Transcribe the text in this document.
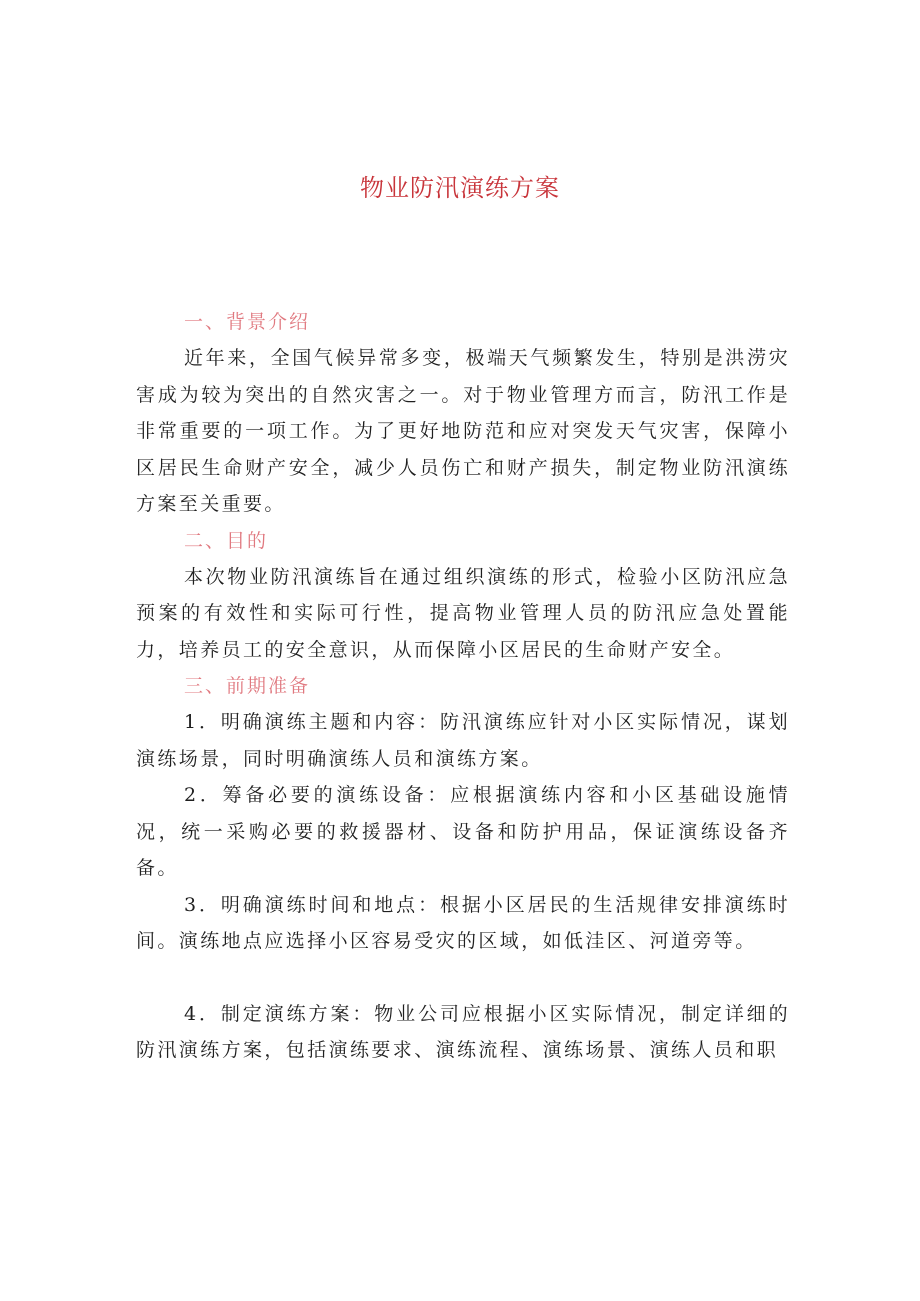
物业防汛演练方案
一、背景介绍
近年来，全国气候异常多变，极端天气频繁发生，特别是洪涝灾害成为较为突出的自然灾害之一。对于物业管理方而言，防汛工作是非常重要的一项工作。为了更好地防范和应对突发天气灾害，保障小区居民生命财产安全，减少人员伤亡和财产损失，制定物业防汛演练方案至关重要。
二、目的
本次物业防汛演练旨在通过组织演练的形式，检验小区防汛应急预案的有效性和实际可行性，提高物业管理人员的防汛应急处置能力，培养员工的安全意识，从而保障小区居民的生命财产安全。
三、前期准备
1．明确演练主题和内容：防汛演练应针对小区实际情况，谋划演练场景，同时明确演练人员和演练方案。
2．筹备必要的演练设备：应根据演练内容和小区基础设施情况，统一采购必要的救援器材、设备和防护用品，保证演练设备齐备。
3．明确演练时间和地点：根据小区居民的生活规律安排演练时间。演练地点应选择小区容易受灾的区域，如低洼区、河道旁等。
4．制定演练方案：物业公司应根据小区实际情况，制定详细的防汛演练方案，包括演练要求、演练流程、演练场景、演练人员和职
